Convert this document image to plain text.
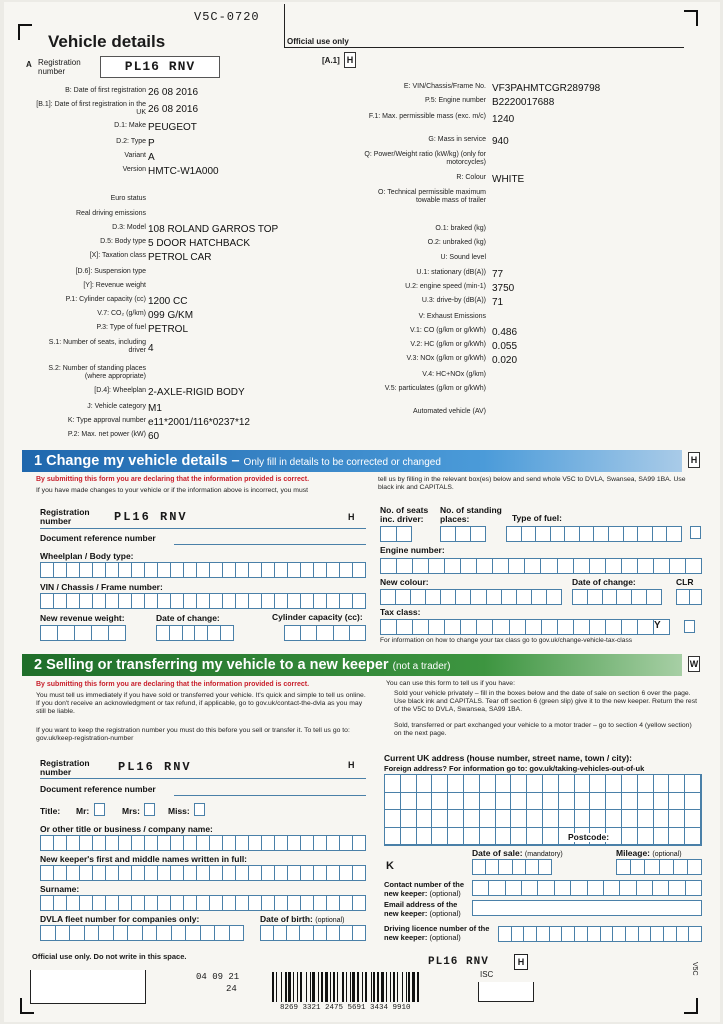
V5C-0720
Vehicle details	Official use only
[A.1] H
A Registration number	PL16 RNV
B: Date of first registration 26 08 2016
[B.1]: Date of first registration in the UK 26 08 2016
D.1: Make PEUGEOT
D.2: Type P
Variant A
Version HMTC-W1A000
Euro status
Real driving emissions
D.3: Model 108 ROLAND GARROS TOP
D.5: Body type 5 DOOR HATCHBACK
[X]: Taxation class PETROL CAR
[D.6]: Suspension type
[Y]: Revenue weight
P.1: Cylinder capacity (cc) 1200 CC
V.7: CO₂ (g/km) 099 G/KM
P.3: Type of fuel PETROL
S.1: Number of seats, including driver 4
S.2: Number of standing places (where appropriate)
[D.4]: Wheelplan 2-AXLE-RIGID BODY
J: Vehicle category M1
K: Type approval number e11*2001/116*0237*12
P.2: Max. net power (kW) 60
E: VIN/Chassis/Frame No. VF3PAHMTCGR289798
P.5: Engine number B2220017688
F.1: Max. permissible mass (exc. m/c) 1240
G: Mass in service 940
Q: Power/Weight ratio (kW/kg) (only for motorcycles)
R: Colour WHITE
O: Technical permissible maximum towable mass of trailer
O.1: braked (kg)
O.2: unbraked (kg)
U: Sound level
U.1: stationary (dB(A)) 77
U.2: engine speed (min-1) 3750
U.3: drive-by (dB(A)) 71
V: Exhaust Emissions
V.1: CO (g/km or g/kWh) 0.486
V.2: HC (g/km or g/kWh) 0.055
V.3: NOx (g/km or g/kWh) 0.020
V.4: HC+NOx (g/km)
V.5: particulates (g/km or g/kWh)
Automated vehicle (AV)
1 Change my vehicle details – Only fill in details to be corrected or changed	H
By submitting this form you are declaring that the information provided is correct.
If you have made changes to your vehicle or if the information above is incorrect, you must
tell us by filling in the relevant box(es) below and send whole V5C to DVLA, Swansea, SA99 1BA. Use black ink and CAPITALS.
Registration number	PL16 RNV	H
Document reference number
Wheelplan / Body type:
VIN / Chassis / Frame number:
New revenue weight:	Date of change:	Cylinder capacity (cc):
No. of seats inc. driver:
No. of standing places:	Type of fuel:
Engine number:
New colour:	Date of change:	CLR
Tax class:
Y
For information on how to change your tax class go to gov.uk/change-vehicle-tax-class
2 Selling or transferring my vehicle to a new keeper (not a trader)	W
By submitting this form you are declaring that the information provided is correct.
You must tell us immediately if you have sold or transferred your vehicle. It's quick and simple to tell us online. If you don't receive an acknowledgment or tax refund, if applicable, go to gov.uk/contact-the-dvla as you may still be liable.
If you want to keep the registration number you must do this before you sell or transfer it. To tell us go to: gov.uk/keep-registration-number
You can use this form to tell us if you have:
Sold your vehicle privately – fill in the boxes below and the date of sale on section 6 over the page. Use black ink and CAPITALS. Tear off section 6 (green slip) give it to the new keeper. Return the rest of the V5C to DVLA, Swansea, SA99 1BA.
Sold, transferred or part exchanged your vehicle to a motor trader – go to section 4 (yellow section) on the next page.
Registration number	PL16 RNV	H
Document reference number
Title: Mr:	Mrs:	Miss:
Or other title or business / company name:
New keeper's first and middle names written in full:
Surname:
DVLA fleet number for companies only:	Date of birth: (optional)
Current UK address (house number, street name, town / city):
Foreign address? For information go to: gov.uk/taking-vehicles-out-of-uk
Postcode:
K
Date of sale: (mandatory)	Mileage: (optional)
Contact number of the new keeper: (optional)
Email address of the new keeper: (optional)
Driving licence number of the new keeper: (optional)
Official use only. Do not write in this space.
04 09 21
24
8269 3321 2475 5691 3434 9910
PL16 RNV	H
ISC	V5C
